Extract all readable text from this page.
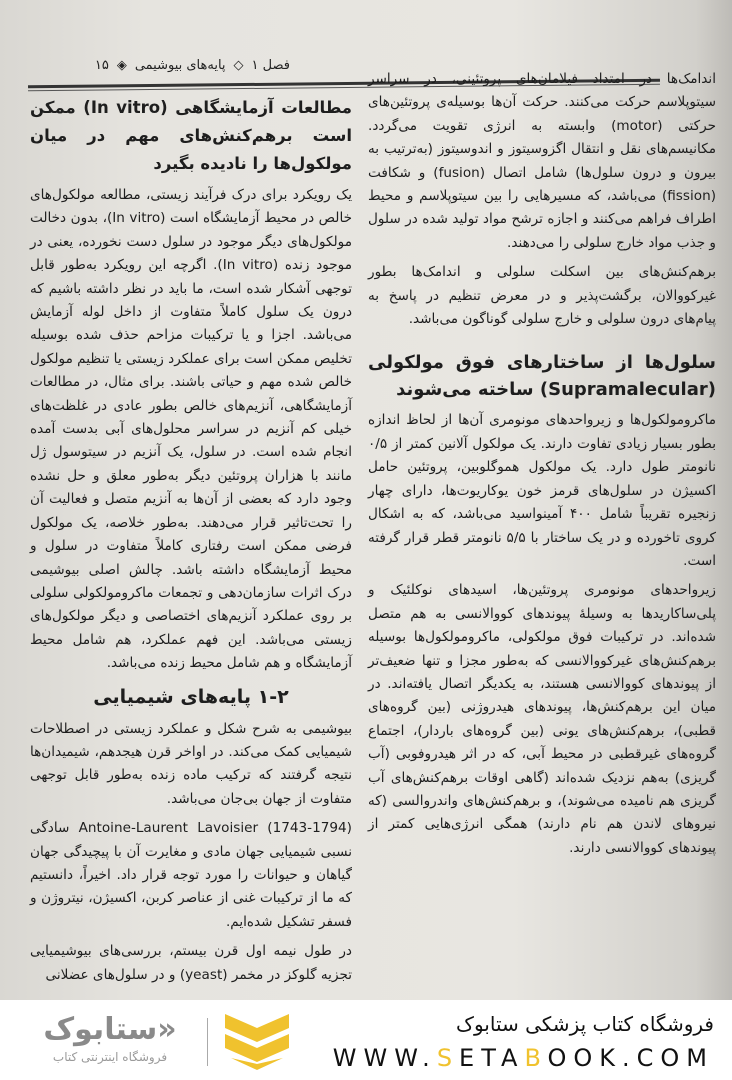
فصل ۱
◇
پایه‌های بیوشیمی
◈
۱۵

اندامک‌ها در امتداد فیلامان‌های پروتئینی، در سراسر سیتوپلاسم حرکت می‌کنند. حرکت آن‌ها بوسیله‌ی پروتئین‌های حرکتی (motor) وابسته به انرژی تقویت می‌گردد. مکانیسم‌های نقل و انتقال اگزوسیتوز و اندوسیتوز (به‌ترتیب به بیرون و درون سلول‌ها) شامل اتصال (fusion) و شکافت (fission) می‌باشد، که مسیرهایی را بین سیتوپلاسم و محیط اطراف فراهم می‌کنند و اجازه ترشح مواد تولید شده در سلول و جذب مواد خارج سلولی را می‌دهند.

برهم‌کنش‌های بین اسکلت سلولی و اندامک‌ها بطور غیرکووالان، برگشت‌پذیر و در معرض تنظیم در پاسخ به پیام‌های درون سلولی و خارج سلولی گوناگون می‌باشد.

سلول‌ها از ساختارهای فوق مولکولی (Supramalecular) ساخته می‌شوند

ماکرومولکول‌ها و زیرواحدهای مونومری آن‌ها از لحاظ اندازه بطور بسیار زیادی تفاوت دارند. یک مولکول آلانین کمتر از ۰/۵ نانومتر طول دارد. یک مولکول هموگلوبین، پروتئین حامل اکسیژن در سلول‌های قرمز خون یوکاریوت‌ها، دارای چهار زنجیره تقریباً شامل ۴۰۰ آمینواسید می‌باشد، که به اشکال کروی تاخورده و در یک ساختار با ۵/۵ نانومتر قطر قرار گرفته است.

زیرواحدهای مونومری پروتئین‌ها، اسیدهای نوکلئیک و پلی‌ساکاریدها به وسیلهٔ پیوندهای کووالانسی به هم متصل شده‌اند. در ترکیبات فوق مولکولی، ماکرومولکول‌ها بوسیله برهم‌کنش‌های غیرکووالانسی که به‌طور مجزا و تنها ضعیف‌تر از پیوندهای کووالانسی هستند، به یکدیگر اتصال یافته‌اند. در میان این برهم‌کنش‌ها، پیوندهای هیدروژنی (بین گروه‌های قطبی)، برهم‌کنش‌های یونی (بین گروه‌های باردار)، اجتماع گروه‌های غیرقطبی در محیط آبی، که در اثر هیدروفوبی (آب گریزی) به‌هم نزدیک شده‌اند (گاهی اوقات برهم‌کنش‌های آب گریزی هم نامیده می‌شوند)، و برهم‌کنش‌های واندروالسی (که نیروهای لاندن هم نام دارند) همگی انرژی‌هایی کمتر از پیوندهای کووالانسی دارند.

مطالعات آزمایشگاهی (In vitro) ممکن است برهم‌کنش‌های مهم در میان مولکول‌ها را نادیده بگیرد

یک رویکرد برای درک فرآیند زیستی، مطالعه مولکول‌های خالص در محیط آزمایشگاه است (In vitro)، بدون دخالت مولکول‌های دیگر موجود در سلول دست نخورده، یعنی در موجود زنده (In vitro). اگرچه این رویکرد به‌طور قابل توجهی آشکار شده است، ما باید در نظر داشته باشیم که درون یک سلول کاملاً متفاوت از داخل لوله آزمایش می‌باشد. اجزا و یا ترکیبات مزاحم حذف شده بوسیله تخلیص ممکن است برای عملکرد زیستی یا تنظیم مولکول خالص شده مهم و حیاتی باشند. برای مثال، در مطالعات آزمایشگاهی، آنزیم‌های خالص بطور عادی در غلظت‌های خیلی کم آنزیم در سراسر محلول‌های آبی بدست آمده انجام شده است. در سلول، یک آنزیم در سیتوسول ژل مانند با هزاران پروتئین دیگر به‌طور معلق و حل نشده وجود دارد که بعضی از آن‌ها به آنزیم متصل و فعالیت آن را تحت‌تاثیر قرار می‌دهند. به‌طور خلاصه، یک مولکول فرضی ممکن است رفتاری کاملاً متفاوت در سلول و محیط آزمایشگاه داشته باشد. چالش اصلی بیوشیمی درک اثرات سازمان‌دهی و تجمعات ماکرومولکولی سلولی بر روی عملکرد آنزیم‌های اختصاصی و دیگر مولکول‌های زیستی می‌باشد. این فهم عملکرد، هم شامل محیط آزمایشگاه و هم شامل محیط زنده می‌باشد.

۱-۲ پایه‌های شیمیایی

بیوشیمی به شرح شکل و عملکرد زیستی در اصطلاحات شیمیایی کمک می‌کند. در اواخر قرن هیجدهم، شیمیدان‌ها نتیجه گرفتند که ترکیب ماده زنده به‌طور قابل توجهی متفاوت از جهان بی‌جان می‌باشد.

Antoine-Laurent Lavoisier (1743-1794) سادگی نسبی شیمیایی جهان مادی و مغایرت آن با پیچیدگی جهان گیاهان و حیوانات را مورد توجه قرار داد. اخیراً، دانستیم که ما از ترکیبات غنی از عناصر کربن، اکسیژن، نیتروژن و فسفر تشکیل شده‌ایم.

در طول نیمه اول قرن بیستم، بررسی‌های بیوشیمیایی تجزیه گلوکز در مخمر (yeast) و در سلول‌های عضلانی

«ستابوک
فروشگاه اینترنتی کتاب
فروشگاه کتاب پزشکی ستابوک
WWW.SETABOOK.COM
